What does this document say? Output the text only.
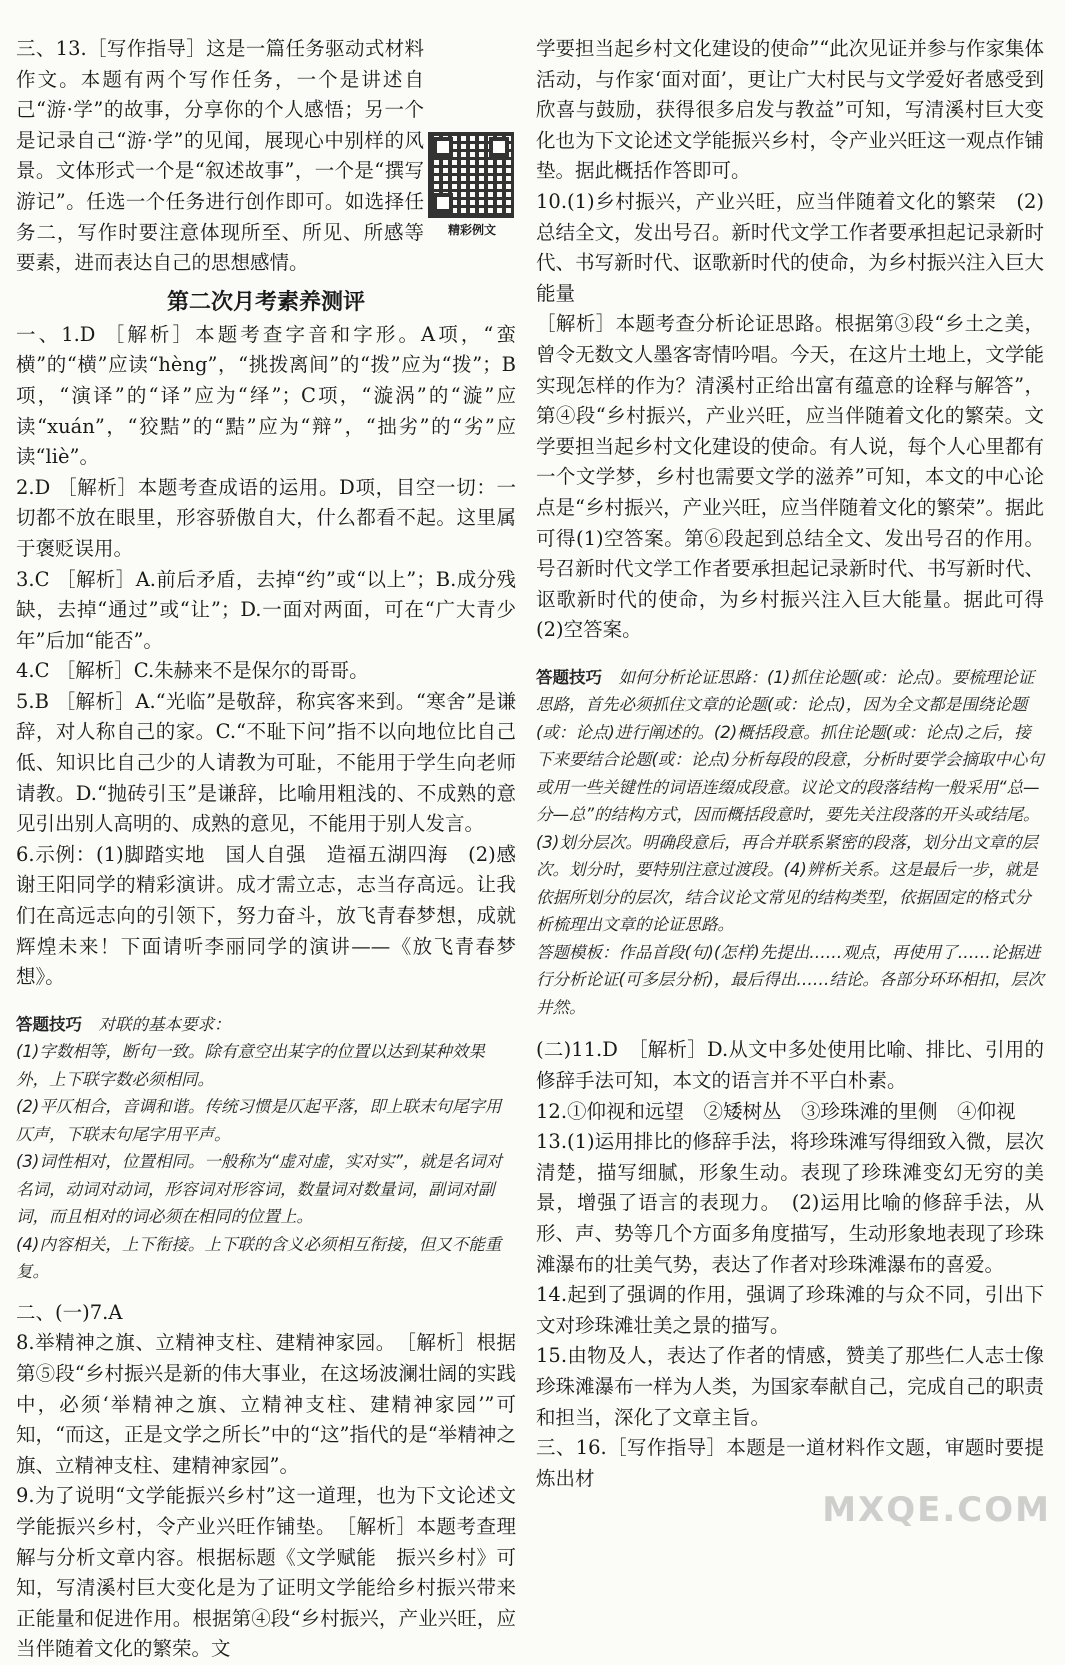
三、13.［写作指导］这是一篇任务驱动式材料作文。本题有两个写作任务，一个是讲述自己“游·学”的故事，分享你的个人感悟；另一个是记录自己“游·学”的见闻，展现心中别样的风景。文体形式一个是“叙述故事”，一个是“撰写游记”。任选一个任务进行创作即可。如选择任务二，写作时要注意体现所至、所见、所感等要素，进而表达自己的思想感情。

精彩例文
第二次月考素养测评

一、1.D ［解析］本题考查字音和字形。A项，“蛮横”的“横”应读“hèng”，“挑拨离间”的“拨”应为“拨”；B项，“演译”的“译”应为“绎”；C项，“漩涡”的“漩”应读“xuán”，“狡黠”的“黠”应为“辩”，“拙劣”的“劣”应读“liè”。

2.D ［解析］本题考查成语的运用。D项，目空一切：一切都不放在眼里，形容骄傲自大，什么都看不起。这里属于褒贬误用。

3.C ［解析］A.前后矛盾，去掉“约”或“以上”；B.成分残缺，去掉“通过”或“让”；D.一面对两面，可在“广大青少年”后加“能否”。

4.C ［解析］C.朱赫来不是保尔的哥哥。

5.B ［解析］A.“光临”是敬辞，称宾客来到。“寒舍”是谦辞，对人称自己的家。C.“不耻下问”指不以向地位比自己低、知识比自己少的人请教为可耻，不能用于学生向老师请教。D.“抛砖引玉”是谦辞，比喻用粗浅的、不成熟的意见引出别人高明的、成熟的意见，不能用于别人发言。

6.示例：(1)脚踏实地　国人自强　造福五湖四海　(2)感谢王阳同学的精彩演讲。成才需立志，志当存高远。让我们在高远志向的引领下，努力奋斗，放飞青春梦想，成就辉煌未来！下面请听李丽同学的演讲——《放飞青春梦想》。

答题技巧　对联的基本要求：

(1)字数相等，断句一致。除有意空出某字的位置以达到某种效果外，上下联字数必须相同。

(2)平仄相合，音调和谐。传统习惯是仄起平落，即上联末句尾字用仄声，下联末句尾字用平声。

(3)词性相对，位置相同。一般称为“虚对虚，实对实”，就是名词对名词，动词对动词，形容词对形容词，数量词对数量词，副词对副词，而且相对的词必须在相同的位置上。

(4)内容相关，上下衔接。上下联的含义必须相互衔接，但又不能重复。

二、(一)7.A

8.举精神之旗、立精神支柱、建精神家园。　［解析］根据第⑤段“乡村振兴是新的伟大事业，在这场波澜壮阔的实践中，必须‘举精神之旗、立精神支柱、建精神家园’”可知，“而这，正是文学之所长”中的“这”指代的是“举精神之旗、立精神支柱、建精神家园”。

9.为了说明“文学能振兴乡村”这一道理，也为下文论述文学能振兴乡村，令产业兴旺作铺垫。　［解析］本题考查理解与分析文章内容。根据标题《文学赋能　振兴乡村》可知，写清溪村巨大变化是为了证明文学能给乡村振兴带来正能量和促进作用。根据第④段“乡村振兴，产业兴旺，应当伴随着文化的繁荣。文

学要担当起乡村文化建设的使命”“此次见证并参与作家集体活动，与作家‘面对面’，更让广大村民与文学爱好者感受到欣喜与鼓励，获得很多启发与教益”可知，写清溪村巨大变化也为下文论述文学能振兴乡村，令产业兴旺这一观点作铺垫。据此概括作答即可。

10.(1)乡村振兴，产业兴旺，应当伴随着文化的繁荣　(2)总结全文，发出号召。新时代文学工作者要承担起记录新时代、书写新时代、讴歌新时代的使命，为乡村振兴注入巨大能量

［解析］本题考查分析论证思路。根据第③段“乡土之美，曾令无数文人墨客寄情吟唱。今天，在这片土地上，文学能实现怎样的作为？清溪村正给出富有蕴意的诠释与解答”，第④段“乡村振兴，产业兴旺，应当伴随着文化的繁荣。文学要担当起乡村文化建设的使命。有人说，每个人心里都有一个文学梦，乡村也需要文学的滋养”可知，本文的中心论点是“乡村振兴，产业兴旺，应当伴随着文化的繁荣”。据此可得(1)空答案。第⑥段起到总结全文、发出号召的作用。号召新时代文学工作者要承担起记录新时代、书写新时代、讴歌新时代的使命，为乡村振兴注入巨大能量。据此可得(2)空答案。

答题技巧　如何分析论证思路：(1)抓住论题(或：论点)。要梳理论证思路，首先必须抓住文章的论题(或：论点)，因为全文都是围绕论题(或：论点)进行阐述的。(2)概括段意。抓住论题(或：论点)之后，接下来要结合论题(或：论点)分析每段的段意，分析时要学会摘取中心句或用一些关键性的词语连缀成段意。议论文的段落结构一般采用“总—分—总”的结构方式，因而概括段意时，要先关注段落的开头或结尾。(3)划分层次。明确段意后，再合并联系紧密的段落，划分出文章的层次。划分时，要特别注意过渡段。(4)辨析关系。这是最后一步，就是依据所划分的层次，结合议论文常见的结构类型，依据固定的格式分析梳理出文章的论证思路。

答题模板：作品首段(句)(怎样)先提出……观点，再使用了……论据进行分析论证(可多层分析)，最后得出……结论。各部分环环相扣，层次井然。

(二)11.D　［解析］D.从文中多处使用比喻、排比、引用的修辞手法可知，本文的语言并不平白朴素。

12.①仰视和远望　②矮树丛　③珍珠滩的里侧　④仰视

13.(1)运用排比的修辞手法，将珍珠滩写得细致入微，层次清楚，描写细腻，形象生动。表现了珍珠滩变幻无穷的美景，增强了语言的表现力。　(2)运用比喻的修辞手法，从形、声、势等几个方面多角度描写，生动形象地表现了珍珠滩瀑布的壮美气势，表达了作者对珍珠滩瀑布的喜爱。

14.起到了强调的作用，强调了珍珠滩的与众不同，引出下文对珍珠滩壮美之景的描写。

15.由物及人，表达了作者的情感，赞美了那些仁人志士像珍珠滩瀑布一样为人类，为国家奉献自己，完成自己的职责和担当，深化了文章主旨。

三、16.［写作指导］本题是一道材料作文题，审题时要提炼出材

MXQE.COM
